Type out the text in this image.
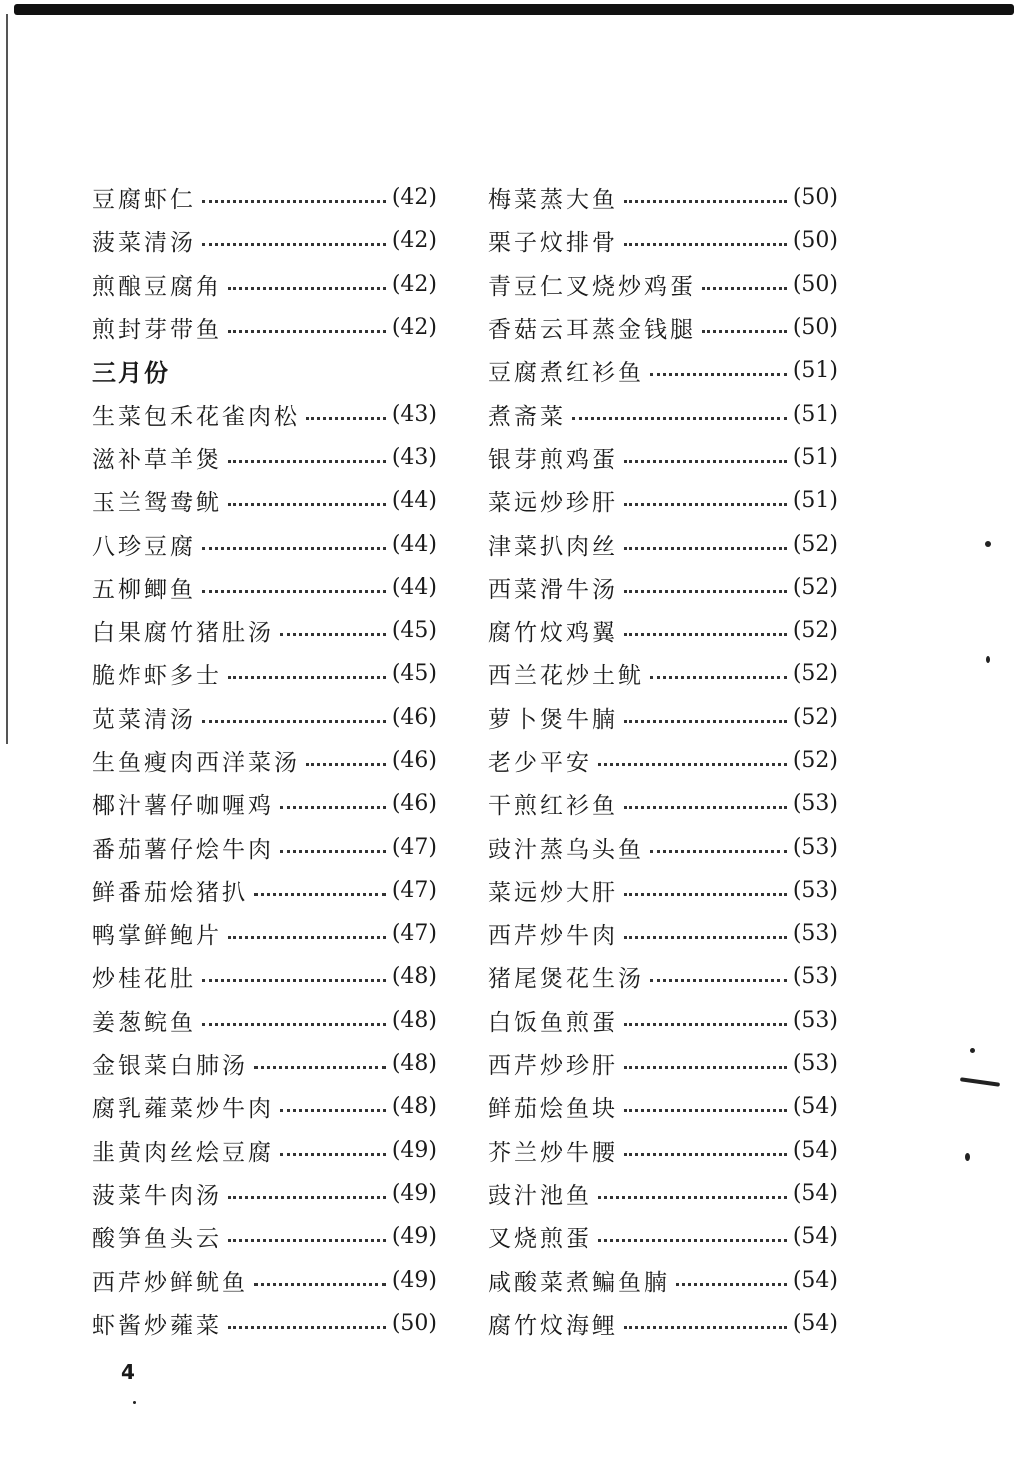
豆腐虾仁	(42)
菠菜清汤	(42)
煎酿豆腐角	(42)
煎封芽带鱼	(42)
三月份
生菜包禾花雀肉松	(43)
滋补草羊煲	(43)
玉兰鸳鸯鱿	(44)
八珍豆腐	(44)
五柳鲫鱼	(44)
白果腐竹猪肚汤	(45)
脆炸虾多士	(45)
苋菜清汤	(46)
生鱼瘦肉西洋菜汤	(46)
椰汁薯仔咖喱鸡	(46)
番茄薯仔烩牛肉	(47)
鲜番茄烩猪扒	(47)
鸭掌鲜鲍片	(47)
炒桂花肚	(48)
姜葱鲩鱼	(48)
金银菜白肺汤	(48)
腐乳蕹菜炒牛肉	(48)
韭黄肉丝烩豆腐	(49)
菠菜牛肉汤	(49)
酸笋鱼头云	(49)
西芹炒鲜鱿鱼	(49)
虾酱炒蕹菜	(50)
梅菜蒸大鱼	(50)
栗子炆排骨	(50)
青豆仁叉烧炒鸡蛋	(50)
香菇云耳蒸金钱腿	(50)
豆腐煮红衫鱼	(51)
煮斋菜	(51)
银芽煎鸡蛋	(51)
菜远炒珍肝	(51)
津菜扒肉丝	(52)
西菜滑牛汤	(52)
腐竹炆鸡翼	(52)
西兰花炒土鱿	(52)
萝卜煲牛腩	(52)
老少平安	(52)
干煎红衫鱼	(53)
豉汁蒸乌头鱼	(53)
菜远炒大肝	(53)
西芹炒牛肉	(53)
猪尾煲花生汤	(53)
白饭鱼煎蛋	(53)
西芹炒珍肝	(53)
鲜茄烩鱼块	(54)
芥兰炒牛腰	(54)
豉汁池鱼	(54)
叉烧煎蛋	(54)
咸酸菜煮鳊鱼腩	(54)
腐竹炆海鲤	(54)
4
